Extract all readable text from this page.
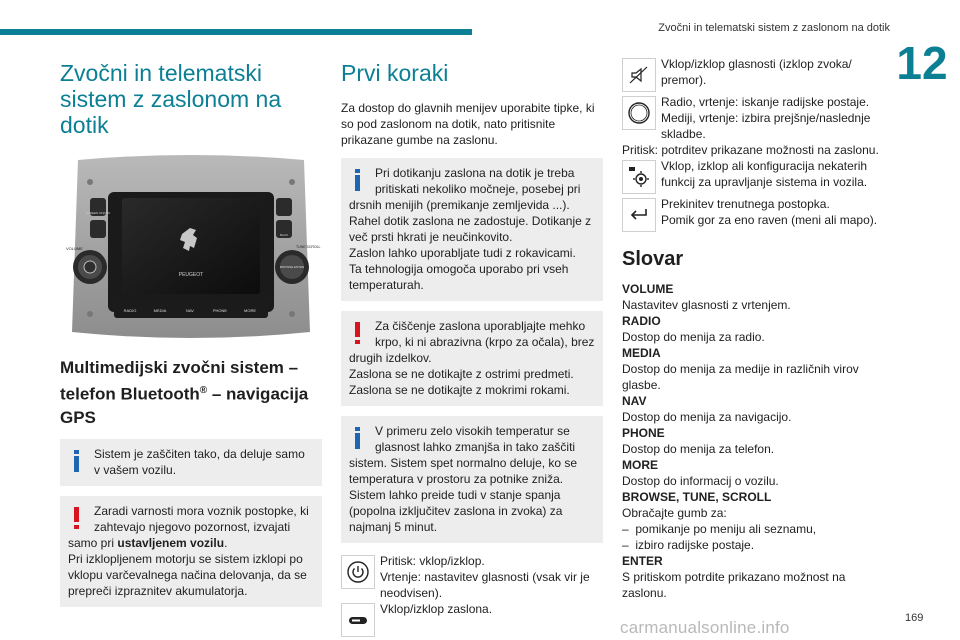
Zvočni in telematski sistem z zaslonom na dotik
12
Zvočni in telematski sistem z zaslonom na dotik
PEUGEOT
SCREEN ON/OFF
BACK
VOLUME	TUNE SCROLL
BROWSE ENTER
RADIO	MEDIA	NAV	PHONE	MORE
Multimedijski zvočni sistem – telefon Bluetooth® – navigacija GPS
Sistem je zaščiten tako, da deluje samo v vašem vozilu.
Zaradi varnosti mora voznik postopke, ki zahtevajo njegovo pozornost, izvajati samo pri ustavljenem vozilu.
Pri izklopljenem motorju se sistem izklopi po vklopu varčevalnega načina delovanja, da se prepreči izpraznitev akumulatorja.
Prvi koraki

Za dostop do glavnih menijev uporabite tipke, ki so pod zaslonom na dotik, nato pritisnite prikazane gumbe na zaslonu.

Pri dotikanju zaslona na dotik je treba pritiskati nekoliko močneje, posebej pri drsnih menijih (premikanje zemljevida ...).
Rahel dotik zaslona ne zadostuje. Dotikanje z več prsti hkrati je neučinkovito.
Zaslon lahko uporabljate tudi z rokavicami.
Ta tehnologija omogoča uporabo pri vseh temperaturah.
Za čiščenje zaslona uporabljajte mehko krpo, ki ni abrazivna (krpo za očala), brez drugih izdelkov.
Zaslona se ne dotikajte z ostrimi predmeti.
Zaslona se ne dotikajte z mokrimi rokami.
V primeru zelo visokih temperatur se glasnost lahko zmanjša in tako zaščiti sistem. Sistem spet normalno deluje, ko se temperatura v prostoru za potnike zniža. Sistem lahko preide tudi v stanje spanja (popolna izključitev zaslona in zvoka) za najmanj 5 minut.
Pritisk: vklop/izklop.
Vrtenje: nastavitev glasnosti (vsak vir je neodvisen).
Vklop/izklop zaslona.
Vklop/izklop glasnosti (izklop zvoka/ premor).
Radio, vrtenje: iskanje radijske postaje.
Mediji, vrtenje: izbira prejšnje/naslednje skladbe.
Pritisk: potrditev prikazane možnosti na zaslonu.
Vklop, izklop ali konfiguracija nekaterih funkcij za upravljanje sistema in vozila.
Prekinitev trenutnega postopka.
Pomik gor za eno raven (meni ali mapo).
Slovar
VOLUME

Nastavitev glasnosti z vrtenjem.

RADIO

Dostop do menija za radio.

MEDIA

Dostop do menija za medije in različnih virov glasbe.

NAV

Dostop do menija za navigacijo.

PHONE

Dostop do menija za telefon.

MORE

Dostop do informacij o vozilu.

BROWSE, TUNE, SCROLL

Obračajte gumb za:

–  pomikanje po meniju ali seznamu,

–  izbiro radijske postaje.

ENTER

S pritiskom potrdite prikazano možnost na zaslonu.

carmanualsonline.info	169
